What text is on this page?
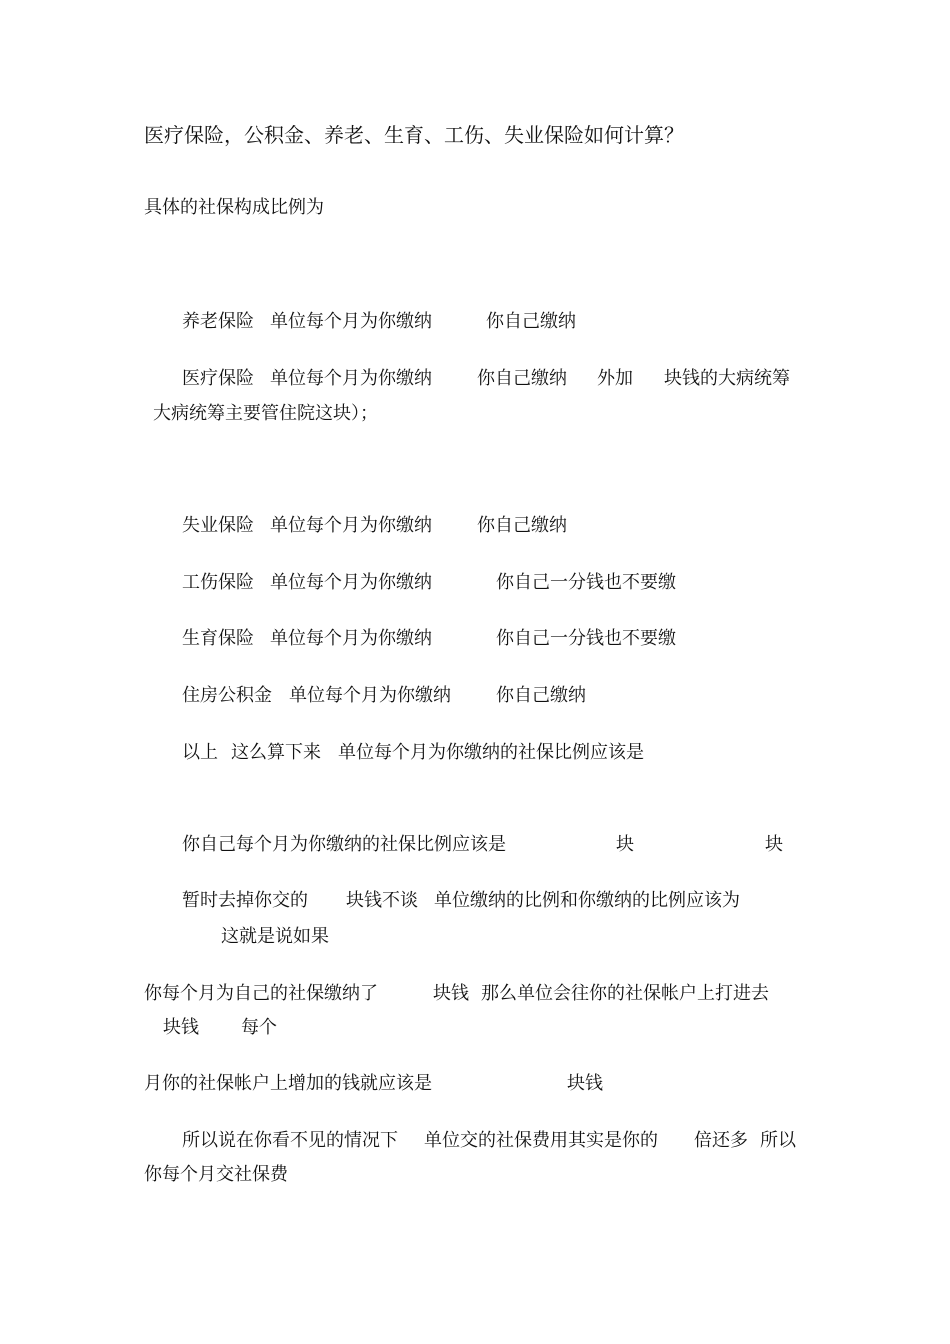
医疗保险，公积金、养老、生育、工伤、失业保险如何计算？
具体的社保构成比例为
养老保险 单位每个月为你缴纳	你自己缴纳
医疗保险 单位每个月为你缴纳	你自己缴纳 外加 块钱的大病统筹
大病统筹主要管住院这块）；
失业保险 单位每个月为你缴纳	你自己缴纳
工伤保险 单位每个月为你缴纳	你自己一分钱也不要缴
生育保险 单位每个月为你缴纳	你自己一分钱也不要缴
住房公积金 单位每个月为你缴纳	你自己缴纳
以上 这么算下来 单位每个月为你缴纳的社保比例应该是
你自己每个月为你缴纳的社保比例应该是	块	块
暂时去掉你交的 块钱不谈 单位缴纳的比例和你缴纳的比例应该为
这就是说如果
你每个月为自己的社保缴纳了	块钱 那么单位会往你的社保帐户上打进去
块钱 每个
月你的社保帐户上增加的钱就应该是	块钱
所以说在你看不见的情况下 单位交的社保费用其实是你的 倍还多 所以
你每个月交社保费
